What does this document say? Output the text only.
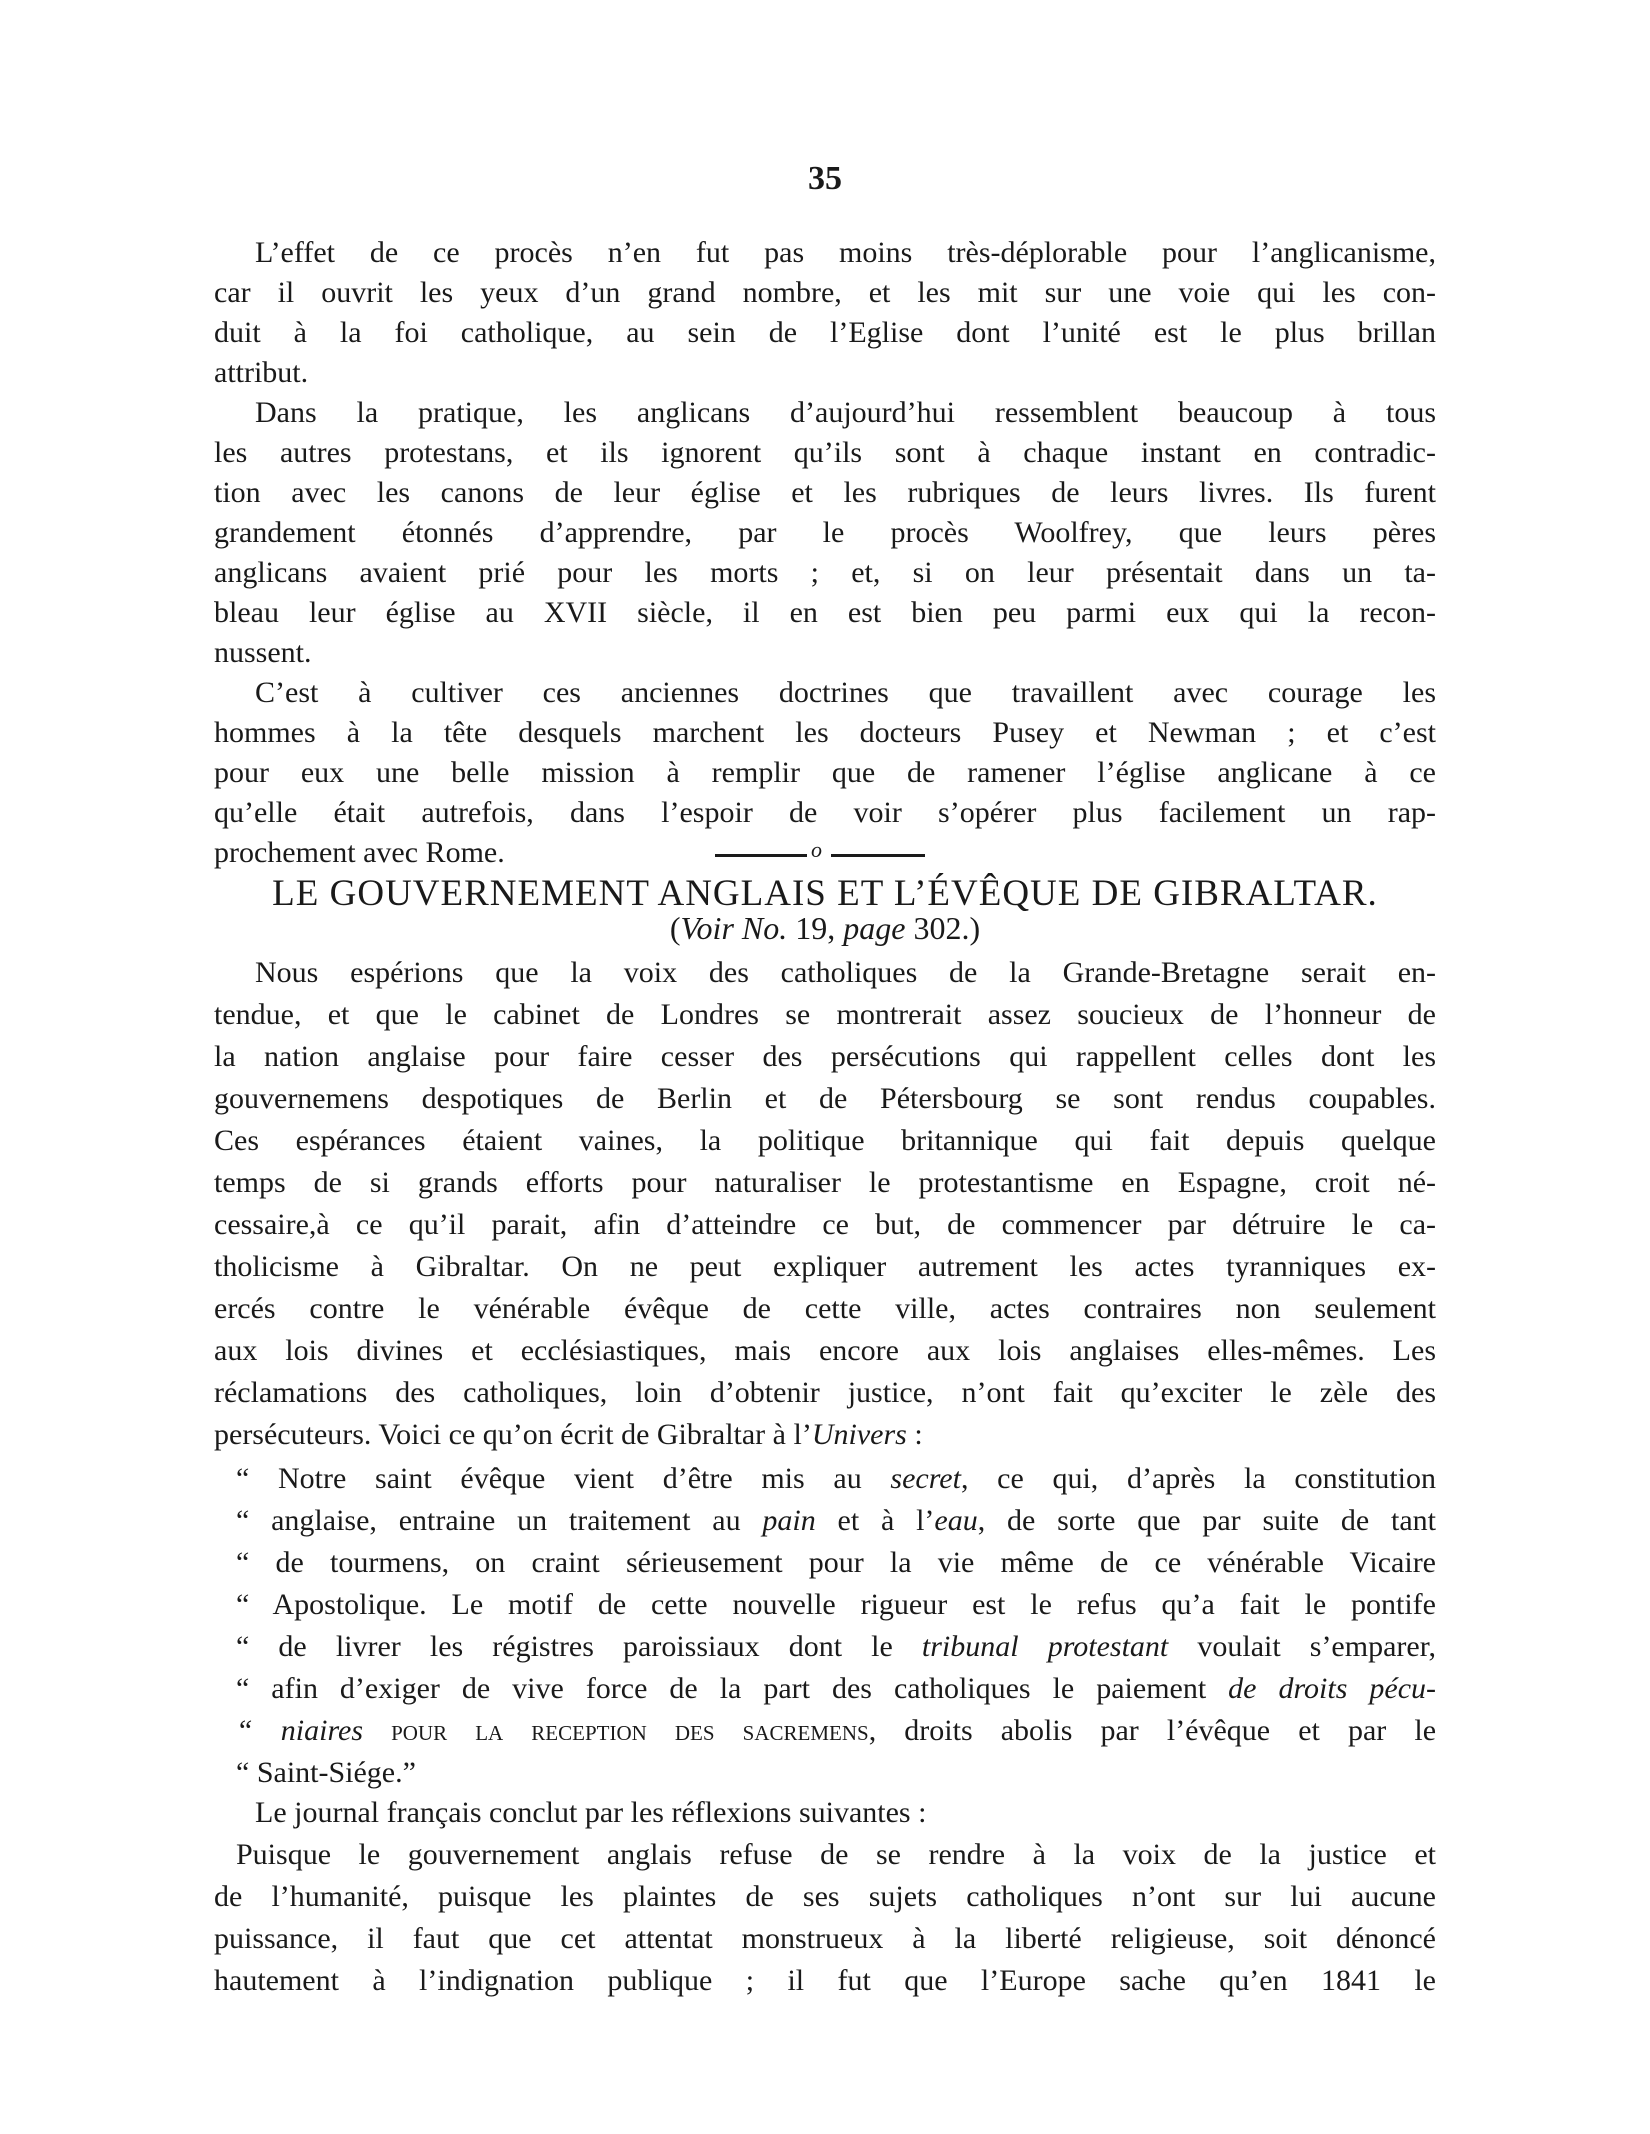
35
L’effet de ce procès n’en fut pas moins très-déplorable pour l’anglicanisme,
car il ouvrit les yeux d’un grand nombre, et les mit sur une voie qui les con-
duit à la foi catholique, au sein de l’Eglise dont l’unité est le plus brillan
attribut.
Dans la pratique, les anglicans d’aujourd’hui ressemblent beaucoup à tous
les autres protestans, et ils ignorent qu’ils sont à chaque instant en contradic-
tion avec les canons de leur église et les rubriques de leurs livres. Ils furent
grandement étonnés d’apprendre, par le procès Woolfrey, que leurs pères
anglicans avaient prié pour les morts ; et, si on leur présentait dans un ta-
bleau leur église au XVII siècle, il en est bien peu parmi eux qui la recon-
nussent.
C’est à cultiver ces anciennes doctrines que travaillent avec courage les
hommes à la tête desquels marchent les docteurs Pusey et Newman ; et c’est
pour eux une belle mission à remplir que de ramener l’église anglicane à ce
qu’elle était autrefois, dans l’espoir de voir s’opérer plus facilement un rap-
prochement avec Rome.	o
LE GOUVERNEMENT ANGLAIS ET L’ÉVÊQUE DE GIBRALTAR.
(Voir No. 19, page 302.)
Nous espérions que la voix des catholiques de la Grande-Bretagne serait en-
tendue, et que le cabinet de Londres se montrerait assez soucieux de l’honneur de
la nation anglaise pour faire cesser des persécutions qui rappellent celles dont les
gouvernemens despotiques de Berlin et de Pétersbourg se sont rendus coupables.
Ces espérances étaient vaines, la politique britannique qui fait depuis quelque
temps de si grands efforts pour naturaliser le protestantisme en Espagne, croit né-
cessaire,à ce qu’il parait, afin d’atteindre ce but, de commencer par détruire le ca-
tholicisme à Gibraltar. On ne peut expliquer autrement les actes tyranniques ex-
ercés contre le vénérable évêque de cette ville, actes contraires non seulement
aux lois divines et ecclésiastiques, mais encore aux lois anglaises elles-mêmes. Les
réclamations des catholiques, loin d’obtenir justice, n’ont fait qu’exciter le zèle des
persécuteurs. Voici ce qu’on écrit de Gibraltar à l’Univers :
“ Notre saint évêque vient d’être mis au secret, ce qui, d’après la constitution
“ anglaise, entraine un traitement au pain et à l’eau, de sorte que par suite de tant
“ de tourmens, on craint sérieusement pour la vie même de ce vénérable Vicaire
“ Apostolique. Le motif de cette nouvelle rigueur est le refus qu’a fait le pontife
“ de livrer les régistres paroissiaux dont le tribunal protestant voulait s’emparer,
“ afin d’exiger de vive force de la part des catholiques le paiement de droits pécu-
“ niaires pour la reception des sacremens, droits abolis par l’évêque et par le
“ Saint-Siége.”
Le journal français conclut par les réflexions suivantes :
Puisque le gouvernement anglais refuse de se rendre à la voix de la justice et
de l’humanité, puisque les plaintes de ses sujets catholiques n’ont sur lui aucune
puissance, il faut que cet attentat monstrueux à la liberté religieuse, soit dénoncé
hautement à l’indignation publique ; il fut que l’Europe sache qu’en 1841 le
